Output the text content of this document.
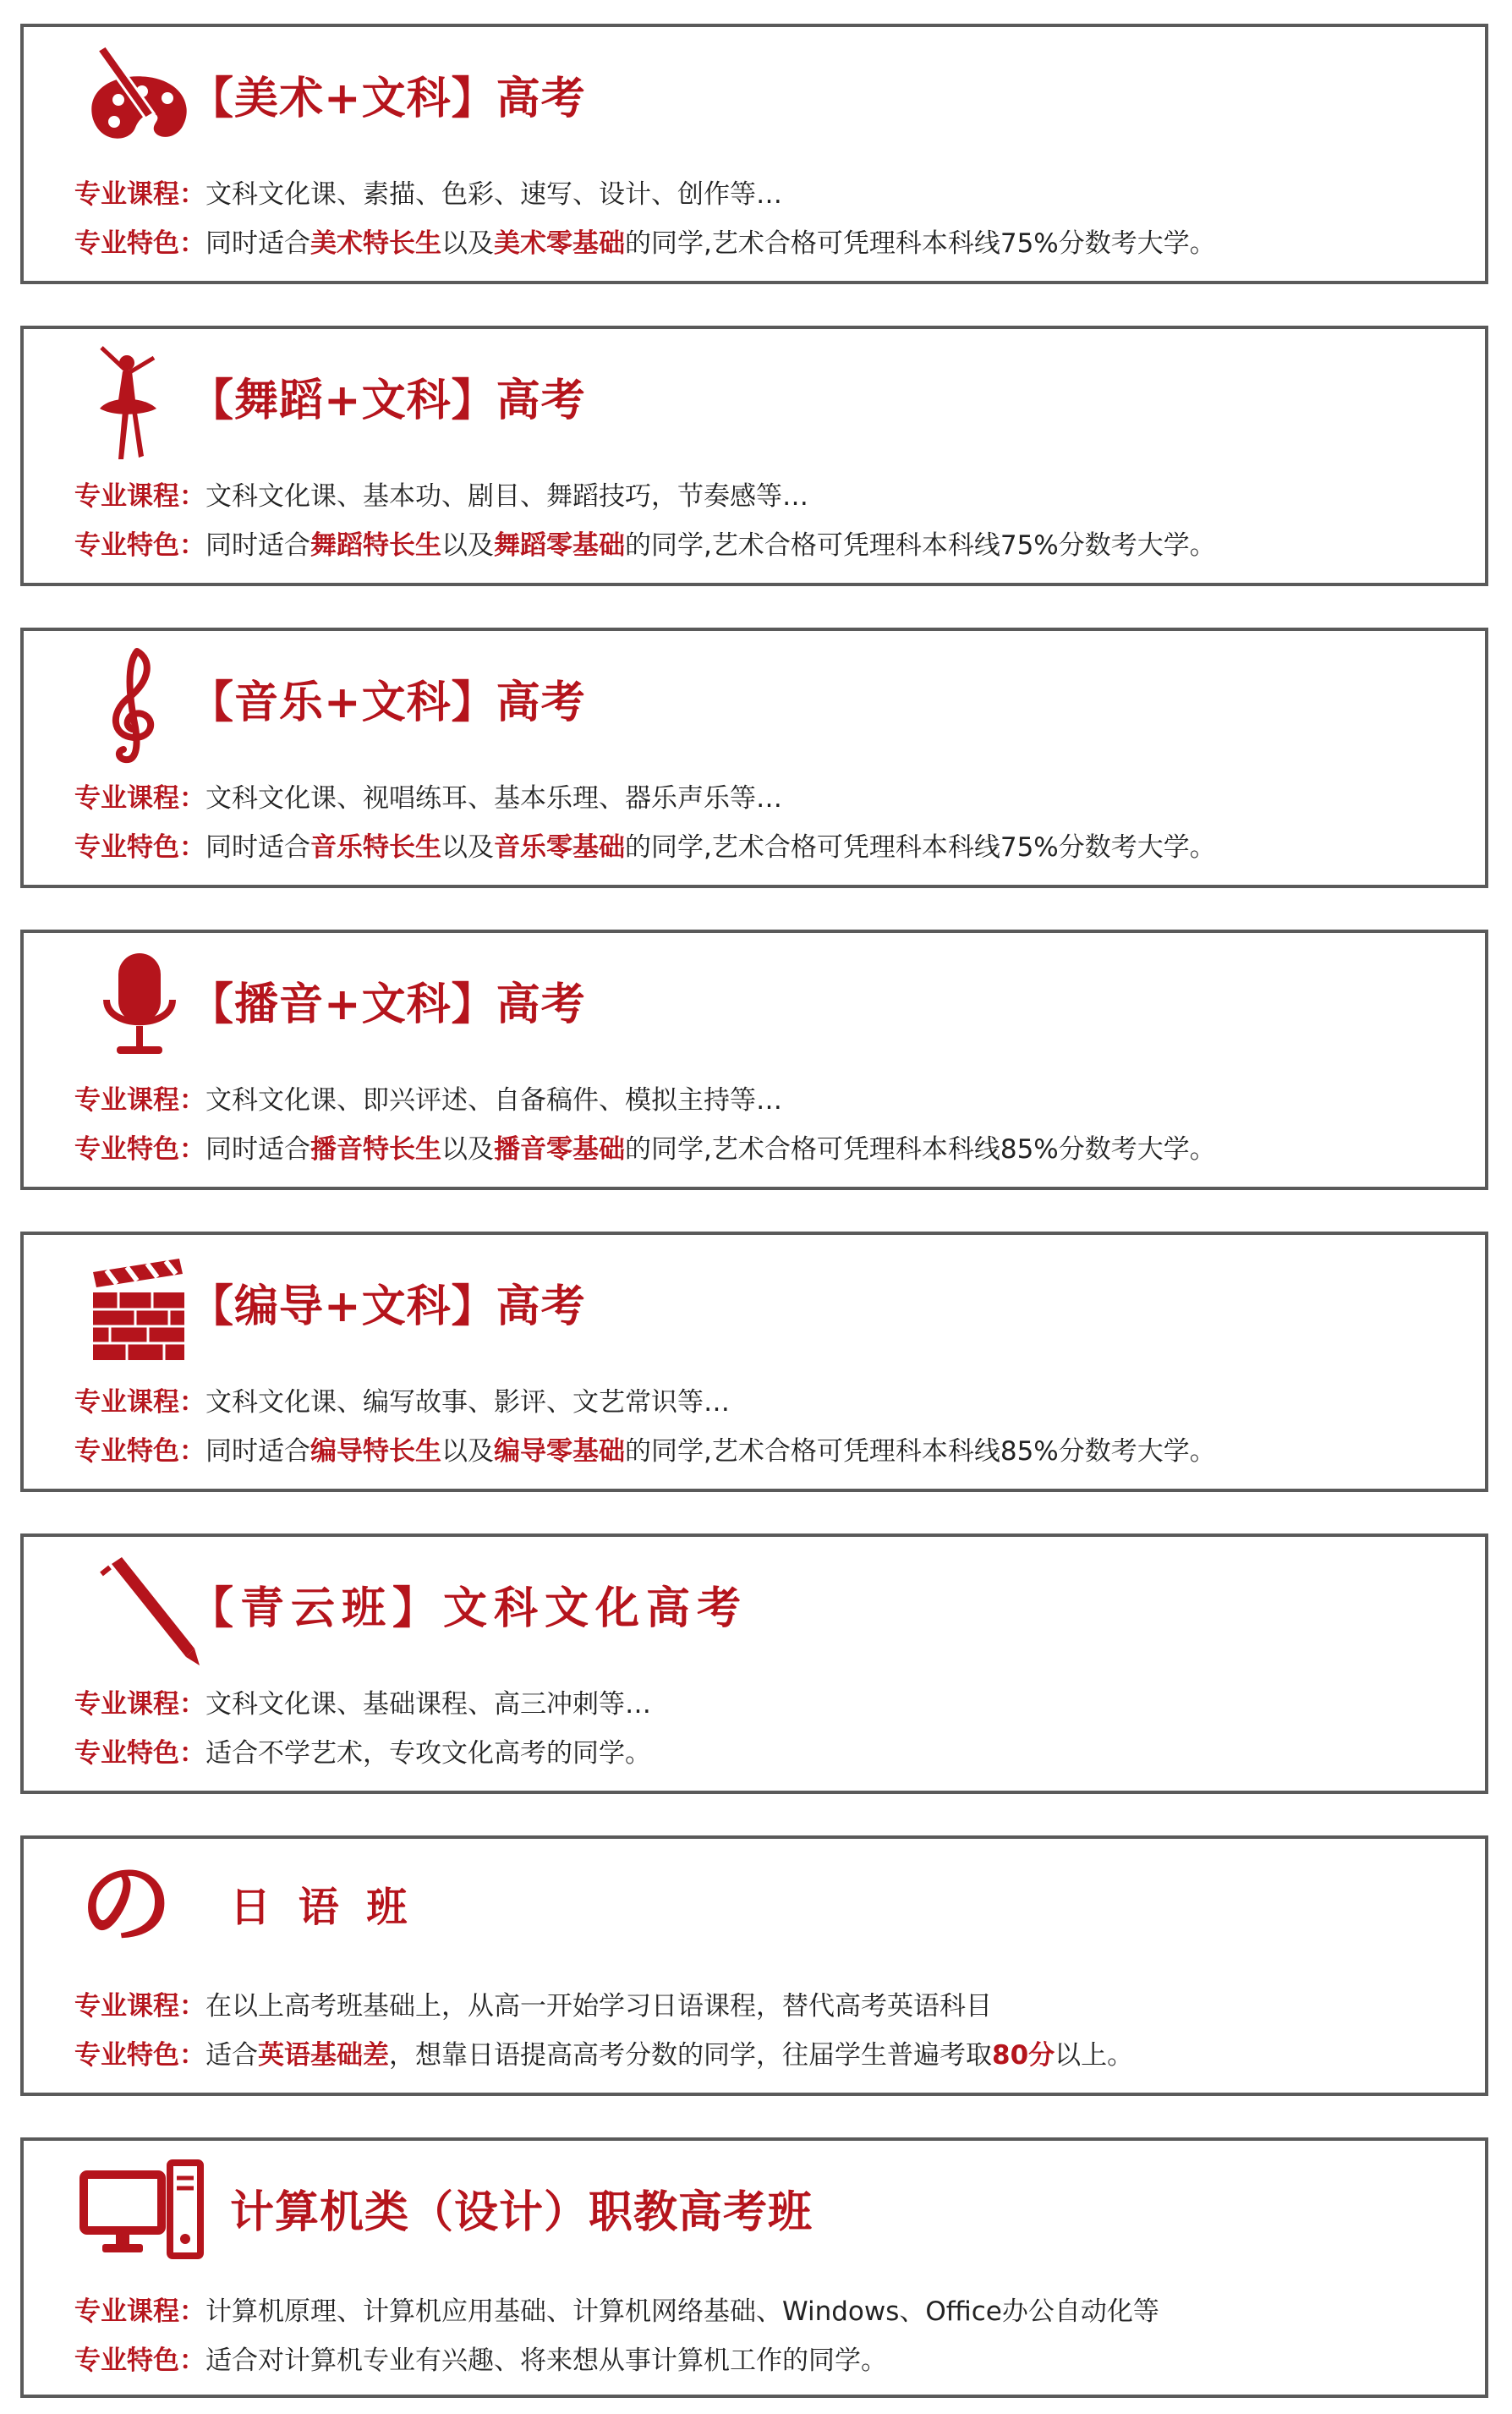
【美术+文科】高考
专业课程：文科文化课、素描、色彩、速写、设计、创作等…
专业特色：同时适合美术特长生以及美术零基础的同学,艺术合格可凭理科本科线75%分数考大学。
【舞蹈+文科】高考
专业课程：文科文化课、基本功、剧目、舞蹈技巧，节奏感等…
专业特色：同时适合舞蹈特长生以及舞蹈零基础的同学,艺术合格可凭理科本科线75%分数考大学。
【音乐+文科】高考
专业课程：文科文化课、视唱练耳、基本乐理、器乐声乐等…
专业特色：同时适合音乐特长生以及音乐零基础的同学,艺术合格可凭理科本科线75%分数考大学。
【播音+文科】高考
专业课程：文科文化课、即兴评述、自备稿件、模拟主持等…
专业特色：同时适合播音特长生以及播音零基础的同学,艺术合格可凭理科本科线85%分数考大学。
【编导+文科】高考
专业课程：文科文化课、编写故事、影评、文艺常识等…
专业特色：同时适合编导特长生以及编导零基础的同学,艺术合格可凭理科本科线85%分数考大学。
【青云班】文科文化高考
专业课程：文科文化课、基础课程、高三冲刺等…
专业特色：适合不学艺术，专攻文化高考的同学。
の 日 语 班
专业课程：在以上高考班基础上，从高一开始学习日语课程，替代高考英语科目
专业特色：适合英语基础差，想靠日语提高高考分数的同学，往届学生普遍考取80分以上。
计算机类（设计）职教高考班
专业课程：计算机原理、计算机应用基础、计算机网络基础、Windows、Office办公自动化等
专业特色：适合对计算机专业有兴趣、将来想从事计算机工作的同学。
